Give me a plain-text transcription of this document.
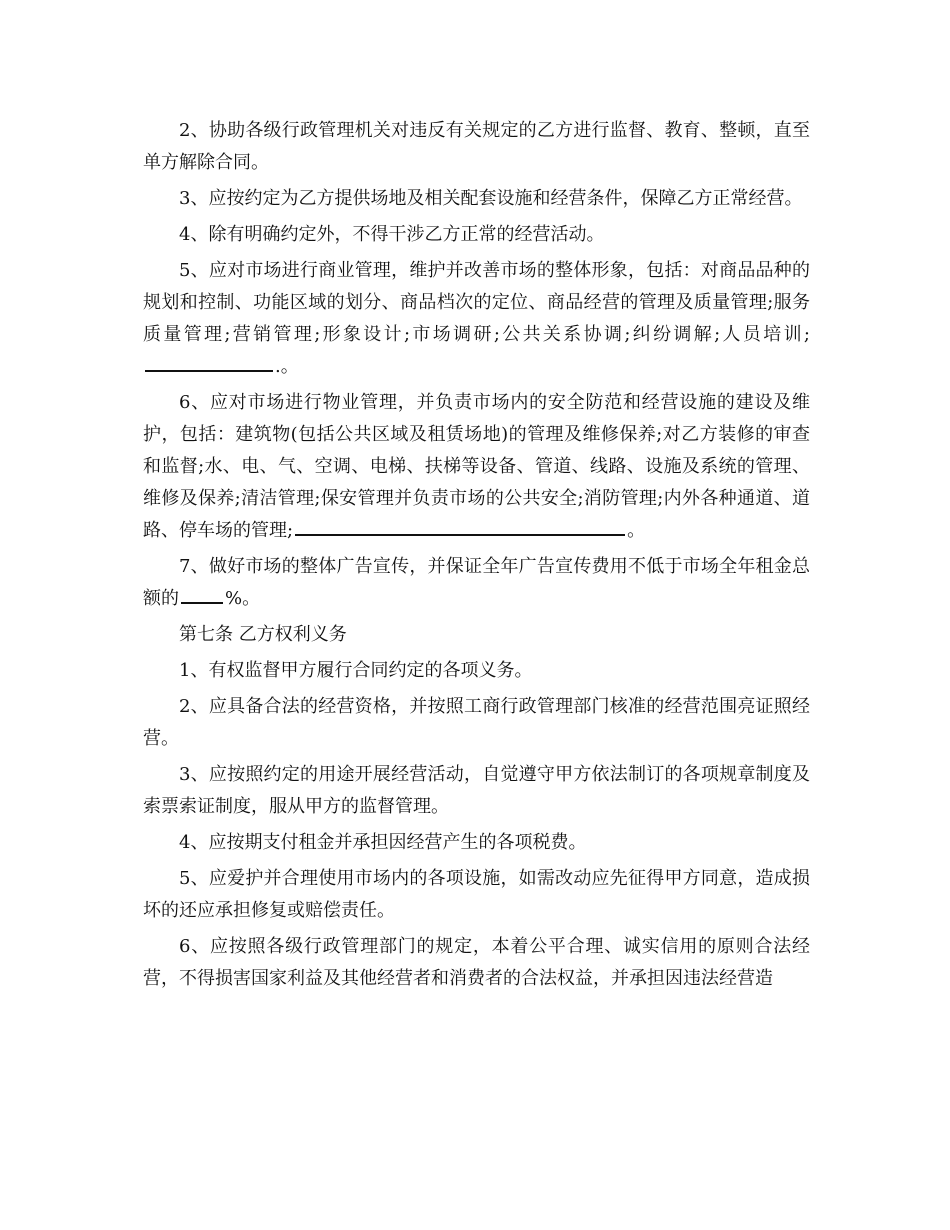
2、协助各级行政管理机关对违反有关规定的乙方进行监督、教育、整顿，直至单方解除合同。

3、应按约定为乙方提供场地及相关配套设施和经营条件，保障乙方正常经营。

4、除有明确约定外，不得干涉乙方正常的经营活动。

5、应对市场进行商业管理，维护并改善市场的整体形象，包括：对商品品种的规划和控制、功能区域的划分、商品档次的定位、商品经营的管理及质量管理;服务质量管理;营销管理;形象设计;市场调研;公共关系协调;纠纷调解;人员培训;.。

6、应对市场进行物业管理，并负责市场内的安全防范和经营设施的建设及维护，包括：建筑物(包括公共区域及租赁场地)的管理及维修保养;对乙方装修的审查和监督;水、电、气、空调、电梯、扶梯等设备、管道、线路、设施及系统的管理、维修及保养;清洁管理;保安管理并负责市场的公共安全;消防管理;内外各种通道、道路、停车场的管理;	。

7、做好市场的整体广告宣传，并保证全年广告宣传费用不低于市场全年租金总额的	%。

第七条 乙方权利义务

1、有权监督甲方履行合同约定的各项义务。

2、应具备合法的经营资格，并按照工商行政管理部门核准的经营范围亮证照经营。

3、应按照约定的用途开展经营活动，自觉遵守甲方依法制订的各项规章制度及索票索证制度，服从甲方的监督管理。

4、应按期支付租金并承担因经营产生的各项税费。

5、应爱护并合理使用市场内的各项设施，如需改动应先征得甲方同意，造成损坏的还应承担修复或赔偿责任。

6、应按照各级行政管理部门的规定，本着公平合理、诚实信用的原则合法经营，不得损害国家利益及其他经营者和消费者的合法权益，并承担因违法经营造
